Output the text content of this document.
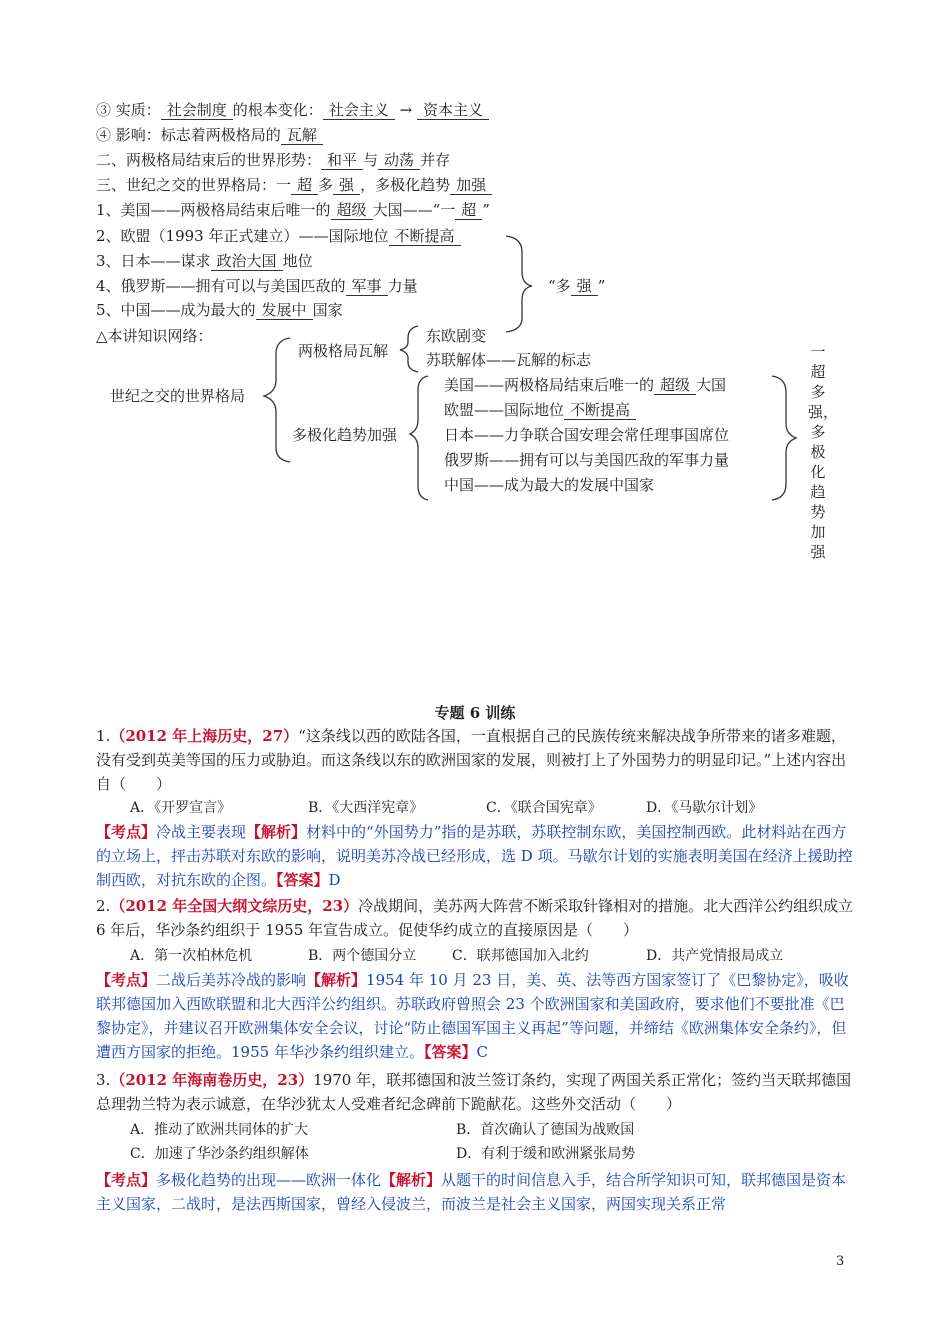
③ 实质： 社会制度 的根本变化： 社会主义 → 资本主义
④ 影响：标志着两极格局的 瓦解
二、两极格局结束后的世界形势： 和平 与 动荡 并存
三、世纪之交的世界格局：一 超 多 强 ，多极化趋势 加强
1、美国——两极格局结束后唯一的 超级 大国——“一 超 ”
2、欧盟（1993 年正式建立）——国际地位 不断提高
3、日本——谋求 政治大国 地位
4、俄罗斯——拥有可以与美国匹敌的 军事 力量
5、中国——成为最大的 发展中 国家
“多 强 ”
△本讲知识网络：
世纪之交的世界格局
两极格局瓦解
东欧剧变
苏联解体——瓦解的标志
多极化趋势加强
美国——两极格局结束后唯一的 超级 大国
欧盟——国际地位 不断提高
日本——力争联合国安理会常任理事国席位
俄罗斯——拥有可以与美国匹敌的军事力量
中国——成为最大的发展中国家
一超多强，多极化趋势加强
专题 6 训练
1.（2012 年上海历史，27）“这条线以西的欧陆各国，一直根据自己的民族传统来解决战争所带来的诸多难题，没有受到英美等国的压力或胁迫。而这条线以东的欧洲国家的发展，则被打上了外国势力的明显印记。”上述内容出自（　　）
A．《开罗宣言》	B．《大西洋宪章》	C．《联合国宪章》	D．《马歇尔计划》
【考点】冷战主要表现【解析】材料中的“外国势力”指的是苏联，苏联控制东欧，美国控制西欧。此材料站在西方的立场上，抨击苏联对东欧的影响，说明美苏冷战已经形成，选 D 项。马歇尔计划的实施表明美国在经济上援助控制西欧，对抗东欧的企图。【答案】D
2.（2012 年全国大纲文综历史，23）冷战期间，美苏两大阵营不断采取针锋相对的措施。北大西洋公约组织成立 6 年后，华沙条约组织于 1955 年宣告成立。促使华约成立的直接原因是（　　）
A．第一次柏林危机	B．两个德国分立	C．联邦德国加入北约	D．共产党情报局成立
【考点】二战后美苏冷战的影响【解析】1954 年 10 月 23 日，美、英、法等西方国家签订了《巴黎协定》，吸收联邦德国加入西欧联盟和北大西洋公约组织。苏联政府曾照会 23 个欧洲国家和美国政府，要求他们不要批准《巴黎协定》，并建议召开欧洲集体安全会议，讨论“防止德国军国主义再起”等问题，并缔结《欧洲集体安全条约》，但遭西方国家的拒绝。1955 年华沙条约组织建立。【答案】C
3.（2012 年海南卷历史，23）1970 年，联邦德国和波兰签订条约，实现了两国关系正常化；签约当天联邦德国总理勃兰特为表示诚意，在华沙犹太人受难者纪念碑前下跪献花。这些外交活动（　　）
A．推动了欧洲共同体的扩大	B．首次确认了德国为战败国
C．加速了华沙条约组织解体	D．有利于缓和欧洲紧张局势
【考点】多极化趋势的出现——欧洲一体化【解析】从题干的时间信息入手，结合所学知识可知，联邦德国是资本主义国家，二战时，是法西斯国家，曾经入侵波兰，而波兰是社会主义国家，两国实现关系正常
3
